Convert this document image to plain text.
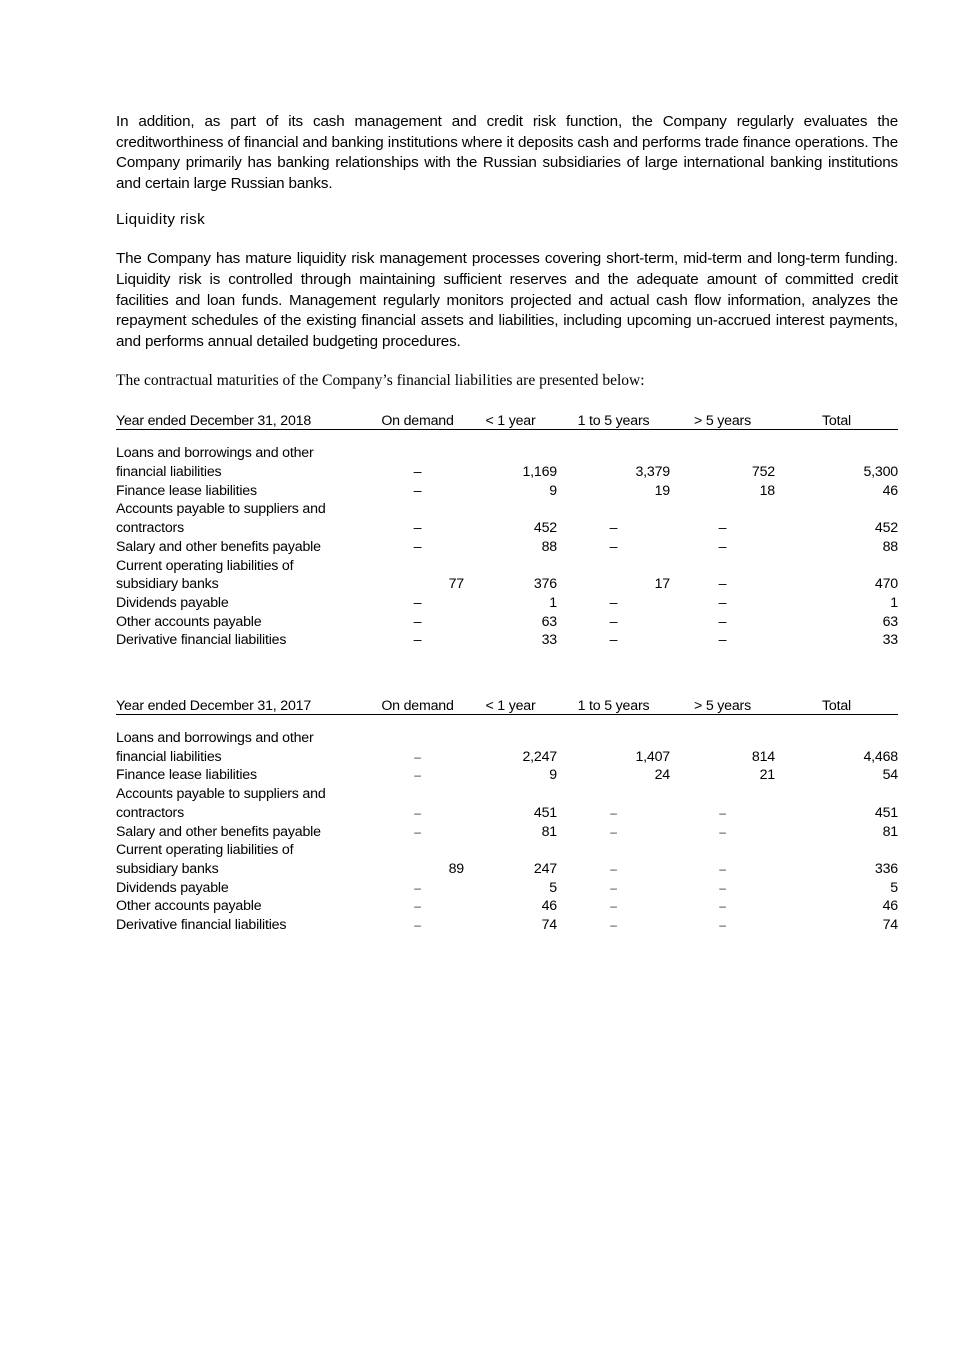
In addition, as part of its cash management and credit risk function, the Company regularly evaluates the creditworthiness of financial and banking institutions where it deposits cash and performs trade finance operations. The Company primarily has banking relationships with the Russian subsidiaries of large international banking institutions and certain large Russian banks.

Liquidity risk

The Company has mature liquidity risk management processes covering short-term, mid-term and long-term funding. Liquidity risk is controlled through maintaining sufficient reserves and the adequate amount of committed credit facilities and loan funds. Management regularly monitors projected and actual cash flow information, analyzes the repayment schedules of the existing financial assets and liabilities, including upcoming un-accrued interest payments, and performs annual detailed budgeting procedures.

The contractual maturities of the Company’s financial liabilities are presented below:

Year ended December 31, 2018	On demand	< 1 year	1 to 5 years	> 5 years	Total

Loans and borrowings and other					
financial liabilities	–	1,169	3,379	752	5,300
Finance lease liabilities	–	9	19	18	46
Accounts payable to suppliers and					
contractors	–	452	–	–	452
Salary and other benefits payable	–	88	–	–	88
Current operating liabilities of					
subsidiary banks	77	376	17	–	470
Dividends payable	–	1	–	–	1
Other accounts payable	–	63	–	–	63
Derivative financial liabilities	–	33	–	–	33
Year ended December 31, 2017	On demand	< 1 year	1 to 5 years	> 5 years	Total

Loans and borrowings and other					
financial liabilities	–	2,247	1,407	814	4,468
Finance lease liabilities	–	9	24	21	54
Accounts payable to suppliers and					
contractors	–	451	–	–	451
Salary and other benefits payable	–	81	–	–	81
Current operating liabilities of					
subsidiary banks	89	247	–	–	336
Dividends payable	–	5	–	–	5
Other accounts payable	–	46	–	–	46
Derivative financial liabilities	–	74	–	–	74
